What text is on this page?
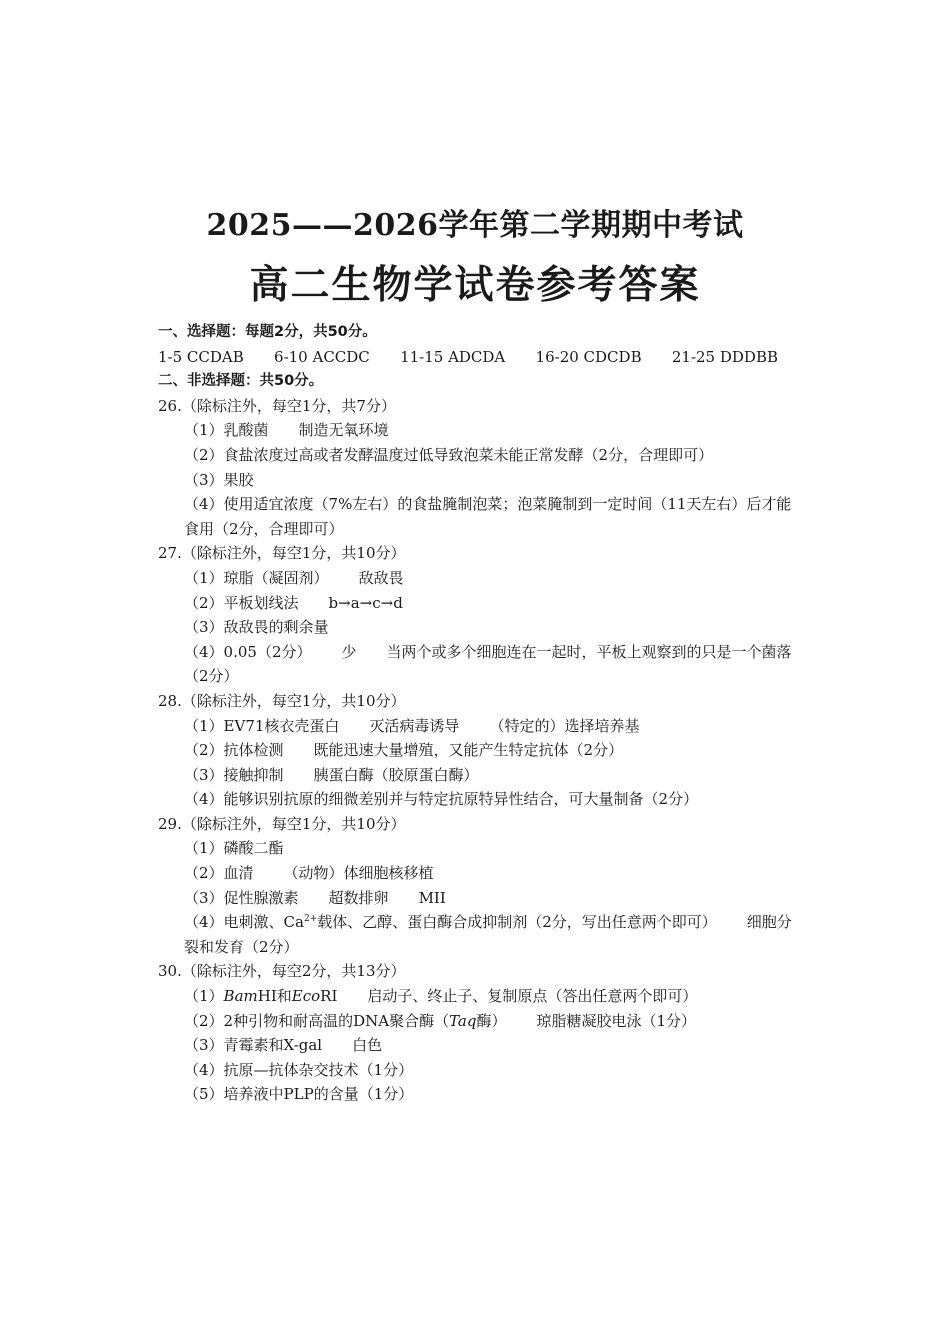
2025——2026学年第二学期期中考试
高二生物学试卷参考答案
一、选择题：每题2分，共50分。
1-5 CCDAB 6-10 ACCDC 11-15 ADCDA 16-20 CDCDB 21-25 DDDBB
二、非选择题：共50分。
26.（除标注外，每空1分，共7分）
（1）乳酸菌 制造无氧环境
（2）食盐浓度过高或者发酵温度过低导致泡菜未能正常发酵（2分，合理即可）
（3）果胶
（4）使用适宜浓度（7%左右）的食盐腌制泡菜；泡菜腌制到一定时间（11天左右）后才能食用（2分，合理即可）
27.（除标注外，每空1分，共10分）
（1）琼脂（凝固剂） 敌敌畏
（2）平板划线法 b→a→c→d
（3）敌敌畏的剩余量
（4）0.05（2分） 少 当两个或多个细胞连在一起时，平板上观察到的只是一个菌落（2分）
28.（除标注外，每空1分，共10分）
（1）EV71核衣壳蛋白 灭活病毒诱导 （特定的）选择培养基
（2）抗体检测 既能迅速大量增殖，又能产生特定抗体（2分）
（3）接触抑制 胰蛋白酶（胶原蛋白酶）
（4）能够识别抗原的细微差别并与特定抗原特异性结合，可大量制备（2分）
29.（除标注外，每空1分，共10分）
（1）磷酸二酯
（2）血清 （动物）体细胞核移植
（3）促性腺激素 超数排卵 MII
（4）电刺激、$Ca^{2+}$载体、乙醇、蛋白酶合成抑制剂（2分，写出任意两个即可） 细胞分裂和发育（2分）
30.（除标注外，每空2分，共13分）
（1）BamHⅠ和EcoRⅠ 启动子、终止子、复制原点（答出任意两个即可）
（2）2种引物和耐高温的DNA聚合酶（Taq酶） 琼脂糖凝胶电泳（1分）
（3）青霉素和X-gal 白色
（4）抗原—抗体杂交技术（1分）
（5）培养液中PLP的含量（1分）
